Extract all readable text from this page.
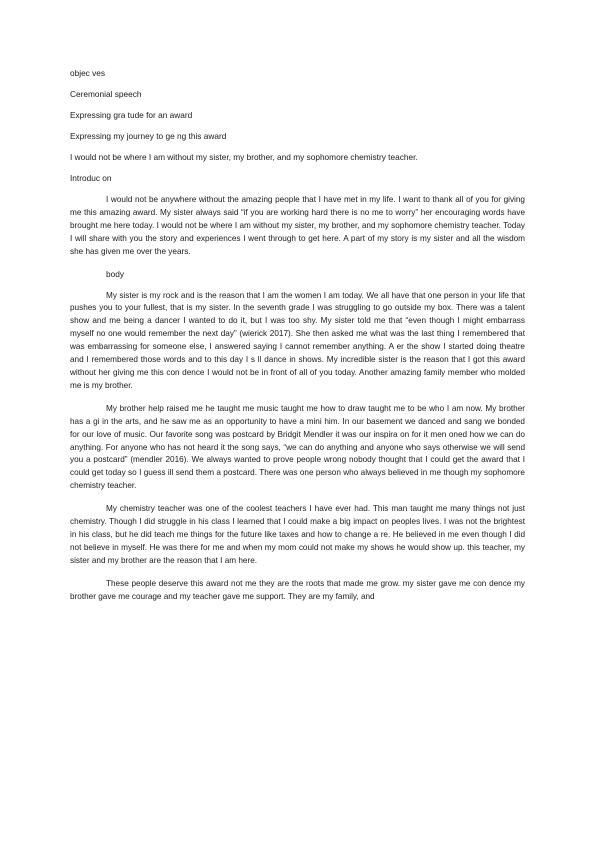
objec ves

Ceremonial speech

Expressing gra tude for an award

Expressing my journey to ge ng this award

I would not be where I am without my sister, my brother, and my sophomore chemistry teacher.

Introduc on

I would not be anywhere without the amazing people that I have met in my life. I want to thank all of you for giving me this amazing award. My sister always said “if you are working hard there is no me to worry” her encouraging words have brought me here today. I would not be where I am without my sister, my brother, and my sophomore chemistry teacher. Today I will share with you the story and experiences I went through to get here. A part of my story is my sister and all the wisdom she has given me over the years.

body

My sister is my rock and is the reason that I am the women I am today. We all have that one person in your life that pushes you to your fullest, that is my sister. In the seventh grade I was struggling to go outside my box. There was a talent show and me being a dancer I wanted to do it, but I was too shy. My sister told me that “even though I might embarrass myself no one would remember the next day” (wierick 2017). She then asked me what was the last thing I remembered that was embarrassing for someone else, I answered saying I cannot remember anything. A er the show I started doing theatre and I remembered those words and to this day I s ll dance in shows. My incredible sister is the reason that I got this award without her giving me this con dence I would not be in front of all of you today. Another amazing family member who molded me is my brother.

My brother help raised me he taught me music taught me how to draw taught me to be who I am now. My brother has a gi in the arts, and he saw me as an opportunity to have a mini him. In our basement we danced and sang we bonded for our love of music. Our favorite song was postcard by Bridgit Mendler it was our inspira on for it men oned how we can do anything. For anyone who has not heard it the song says, “we can do anything and anyone who says otherwise we will send you a postcard” (mendler 2016). We always wanted to prove people wrong nobody thought that I could get the award that I could get today so I guess ill send them a postcard. There was one person who always believed in me though my sophomore chemistry teacher.

My chemistry teacher was one of the coolest teachers I have ever had. This man taught me many things not just chemistry. Though I did struggle in his class I learned that I could make a big impact on peoples lives. I was not the brightest in his class, but he did teach me things for the future like taxes and how to change a re. He believed in me even though I did not believe in myself. He was there for me and when my mom could not make my shows he would show up. this teacher, my sister and my brother are the reason that I am here.

These people deserve this award not me they are the roots that made me grow. my sister gave me con dence my brother gave me courage and my teacher gave me support. They are my family, and
